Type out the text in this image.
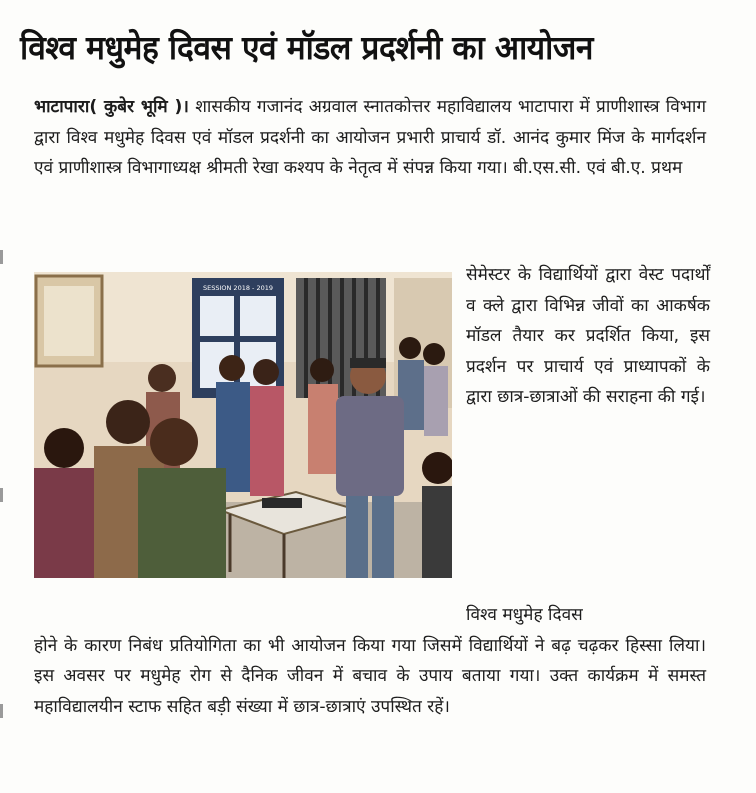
विश्व मधुमेह दिवस एवं मॉडल प्रदर्शनी का आयोजन
भाटापारा( कुबेर भूमि )। शासकीय गजानंद अग्रवाल स्नातकोत्तर महाविद्यालय भाटापारा में प्राणीशास्त्र विभाग द्वारा विश्व मधुमेह दिवस एवं मॉडल प्रदर्शनी का आयोजन प्रभारी प्राचार्य डॉ. आनंद कुमार मिंज के मार्गदर्शन एवं प्राणीशास्त्र विभागाध्यक्ष श्रीमती रेखा कश्यप के नेतृत्व में संपन्न किया गया। बी.एस.सी. एवं बी.ए. प्रथम
SESSION 2018 - 2019
सेमेस्टर के विद्यार्थियों द्वारा वेस्ट पदार्थों व क्ले द्वारा विभिन्न जीवों का आकर्षक मॉडल तैयार कर प्रदर्शित किया, इस प्रदर्शन पर प्राचार्य एवं प्राध्यापकों के द्वारा छात्र-छात्राओं की सराहना की गई।
विश्व मधुमेह दिवस
होने के कारण निबंध प्रतियोगिता का भी आयोजन किया गया जिसमें विद्यार्थियों ने बढ़ चढ़कर हिस्सा लिया। इस अवसर पर मधुमेह रोग से दैनिक जीवन में बचाव के उपाय बताया गया। उक्त कार्यक्रम में समस्त महाविद्यालयीन स्टाफ सहित बड़ी संख्या में छात्र-छात्राएं उपस्थित रहें।
